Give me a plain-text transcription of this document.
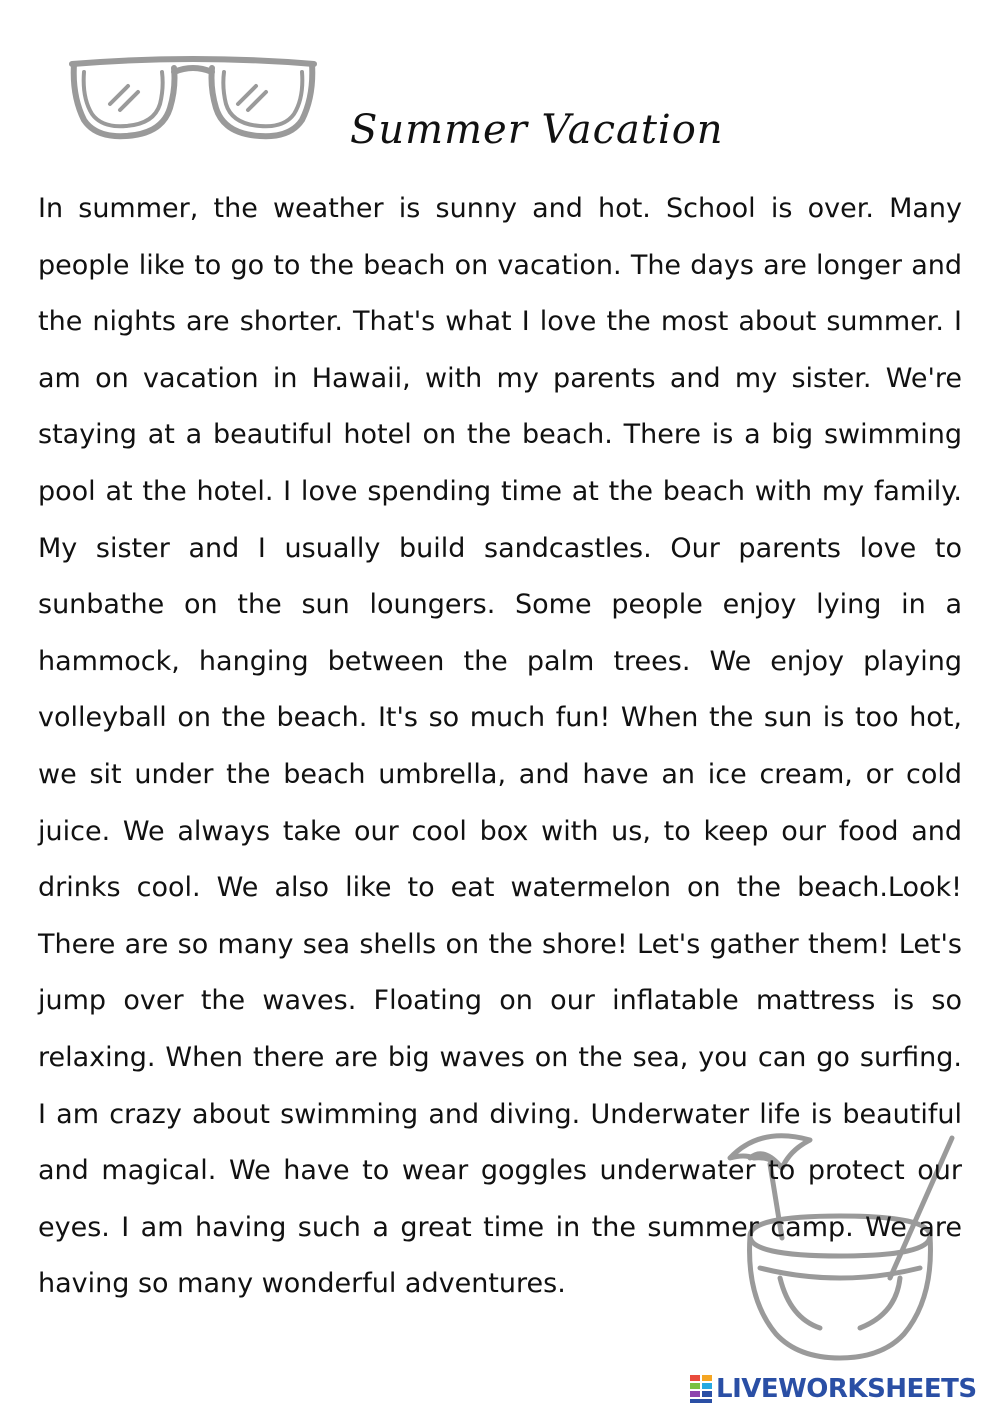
Summer Vacation

In summer, the weather is sunny and hot. School is over. Many people like to go to the beach on vacation. The days are longer and the nights are shorter. That's what I love the most about summer. I am on vacation in Hawaii, with my parents and my sister. We're staying at a beautiful hotel on the beach. There is a big swimming pool at the hotel. I love spending time at the beach with my family. My sister and I usually build sandcastles. Our parents love to sunbathe on the sun loungers. Some people enjoy lying in a hammock, hanging between the palm trees. We enjoy playing volleyball on the beach. It's so much fun! When the sun is too hot, we sit under the beach umbrella, and have an ice cream, or cold juice. We always take our cool box with us, to keep our food and drinks cool. We also like to eat watermelon on the beach.Look! There are so many sea shells on the shore! Let's gather them! Let's jump over the waves. Floating on our inflatable mattress is so relaxing. When there are big waves on the sea, you can go surfing. I am crazy about swimming and diving. Underwater life is beautiful and magical. We have to wear goggles underwater to protect our eyes. I am having such a great time in the summer camp. We are having so many wonderful adventures.

LIVEWORKSHEETS
